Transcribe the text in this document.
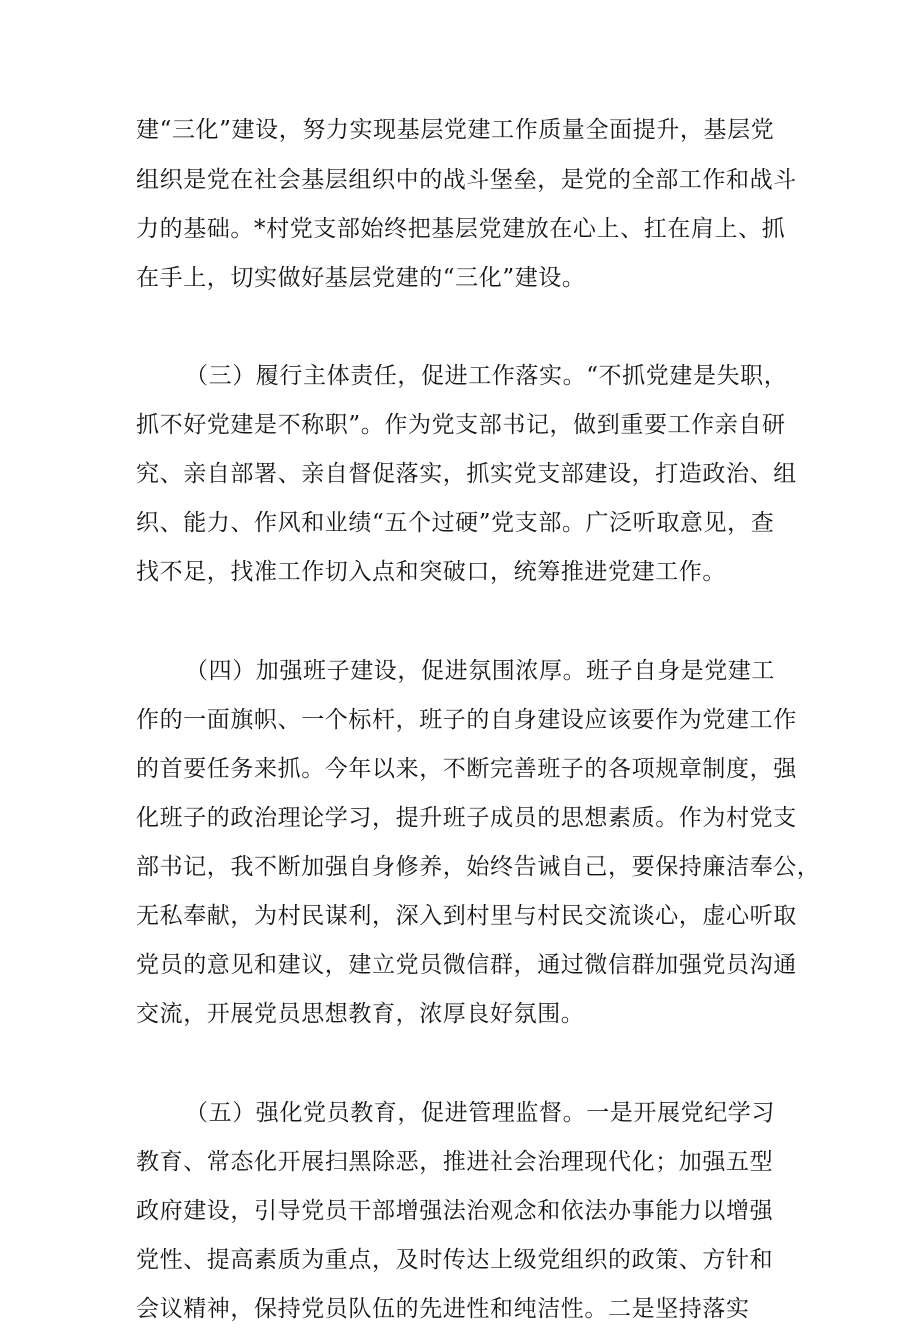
建“三化”建设，努力实现基层党建工作质量全面提升，基层党

组织是党在社会基层组织中的战斗堡垒，是党的全部工作和战斗

力的基础。*村党支部始终把基层党建放在心上、扛在肩上、抓

在手上，切实做好基层党建的“三化”建设。

（三）履行主体责任，促进工作落实。“不抓党建是失职，

抓不好党建是不称职”。作为党支部书记，做到重要工作亲自研

究、亲自部署、亲自督促落实，抓实党支部建设，打造政治、组

织、能力、作风和业绩“五个过硬”党支部。广泛听取意见，查

找不足，找准工作切入点和突破口，统筹推进党建工作。

（四）加强班子建设，促进氛围浓厚。班子自身是党建工

作的一面旗帜、一个标杆，班子的自身建设应该要作为党建工作

的首要任务来抓。今年以来，不断完善班子的各项规章制度，强

化班子的政治理论学习，提升班子成员的思想素质。作为村党支

部书记，我不断加强自身修养，始终告诫自己，要保持廉洁奉公，

无私奉献，为村民谋利，深入到村里与村民交流谈心，虚心听取

党员的意见和建议，建立党员微信群，通过微信群加强党员沟通

交流，开展党员思想教育，浓厚良好氛围。

（五）强化党员教育，促进管理监督。一是开展党纪学习

教育、常态化开展扫黑除恶，推进社会治理现代化；加强五型

政府建设，引导党员干部增强法治观念和依法办事能力以增强

党性、提高素质为重点，及时传达上级党组织的政策、方针和

会议精神，保持党员队伍的先进性和纯洁性。二是坚持落实
